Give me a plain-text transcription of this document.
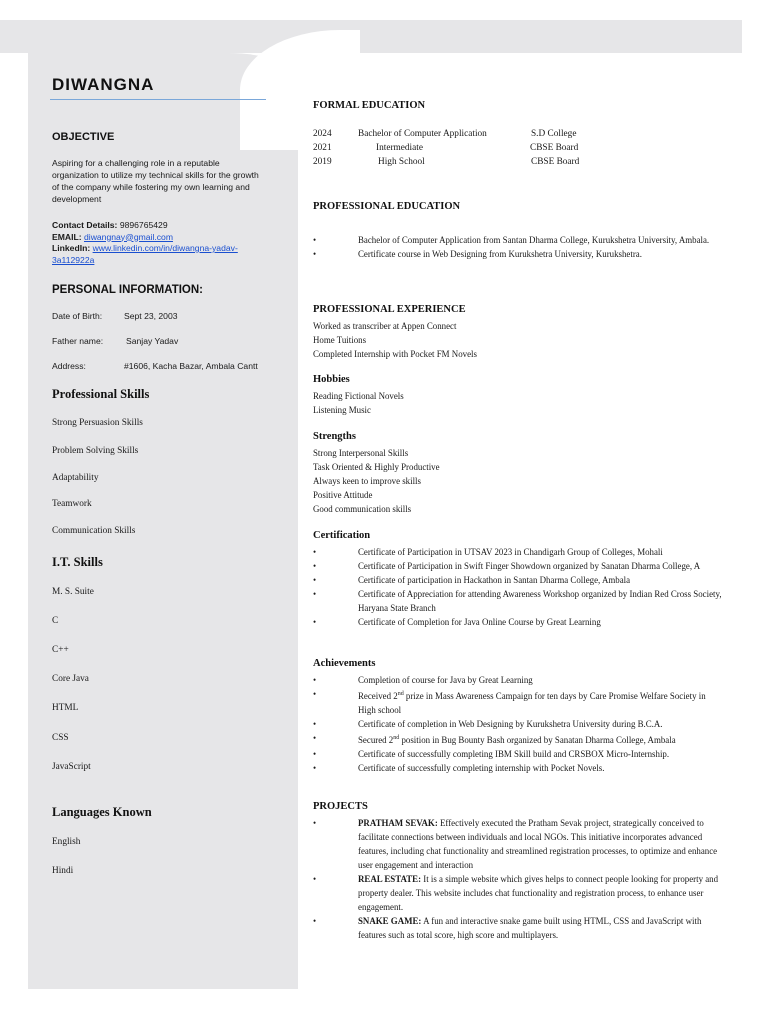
DIWANGNA
OBJECTIVE

Aspiring for a challenging role in a reputable organization to utilize my technical skills for the growth of the company while fostering my own learning and development

Contact Details: 9896765429
EMAIL: diwangnay@gmail.com
LinkedIn: www.linkedin.com/in/diwangna-yadav-3a112922a
PERSONAL INFORMATION:
Date of Birth:	Sept 23, 2003
Father name:	Sanjay Yadav
Address:	#1606, Kacha Bazar, Ambala Cantt
Professional Skills
Strong Persuasion Skills
Problem Solving Skills
Adaptability
Teamwork
Communication Skills
I.T. Skills
M. S. Suite
C
C++
Core Java
HTML
CSS
JavaScript
Languages Known
English
Hindi
FORMAL EDUCATION
2024	Bachelor of Computer Application	S.D College
2021	Intermediate	CBSE Board
2019	High School	CBSE Board
PROFESSIONAL EDUCATION
• Bachelor of Computer Application from Santan Dharma College, Kurukshetra University, Ambala.
• Certificate course in Web Designing from Kurukshetra University, Kurukshetra.
PROFESSIONAL EXPERIENCE
Worked as transcriber at Appen Connect
Home Tuitions
Completed Internship with Pocket FM Novels
Hobbies
Reading Fictional Novels
Listening Music
Strengths
Strong Interpersonal Skills
Task Oriented & Highly Productive
Always keen to improve skills
Positive Attitude
Good communication skills
Certification
• Certificate of Participation in UTSAV 2023 in Chandigarh Group of Colleges, Mohali
• Certificate of Participation in Swift Finger Showdown organized by Sanatan Dharma College, A
• Certificate of participation in Hackathon in Santan Dharma College, Ambala
• Certificate of Appreciation for attending Awareness Workshop organized by Indian Red Cross Society, Haryana State Branch
• Certificate of Completion for Java Online Course by Great Learning
Achievements
• Completion of course for Java by Great Learning
• Received 2nd prize in Mass Awareness Campaign for ten days by Care Promise Welfare Society in High school
• Certificate of completion in Web Designing by Kurukshetra University during B.C.A.
• Secured 2nd position in Bug Bounty Bash organized by Sanatan Dharma College, Ambala
• Certificate of successfully completing IBM Skill build and CRSBOX Micro-Internship.
• Certificate of successfully completing internship with Pocket Novels.
PROJECTS
• PRATHAM SEVAK: Effectively executed the Pratham Sevak project, strategically conceived to facilitate connections between individuals and local NGOs. This initiative incorporates advanced features, including chat functionality and streamlined registration processes, to optimize and enhance user engagement and interaction
• REAL ESTATE: It is a simple website which gives helps to connect people looking for property and property dealer. This website includes chat functionality and registration process, to enhance user engagement.
• SNAKE GAME: A fun and interactive snake game built using HTML, CSS and JavaScript with features such as total score, high score and multiplayers.
